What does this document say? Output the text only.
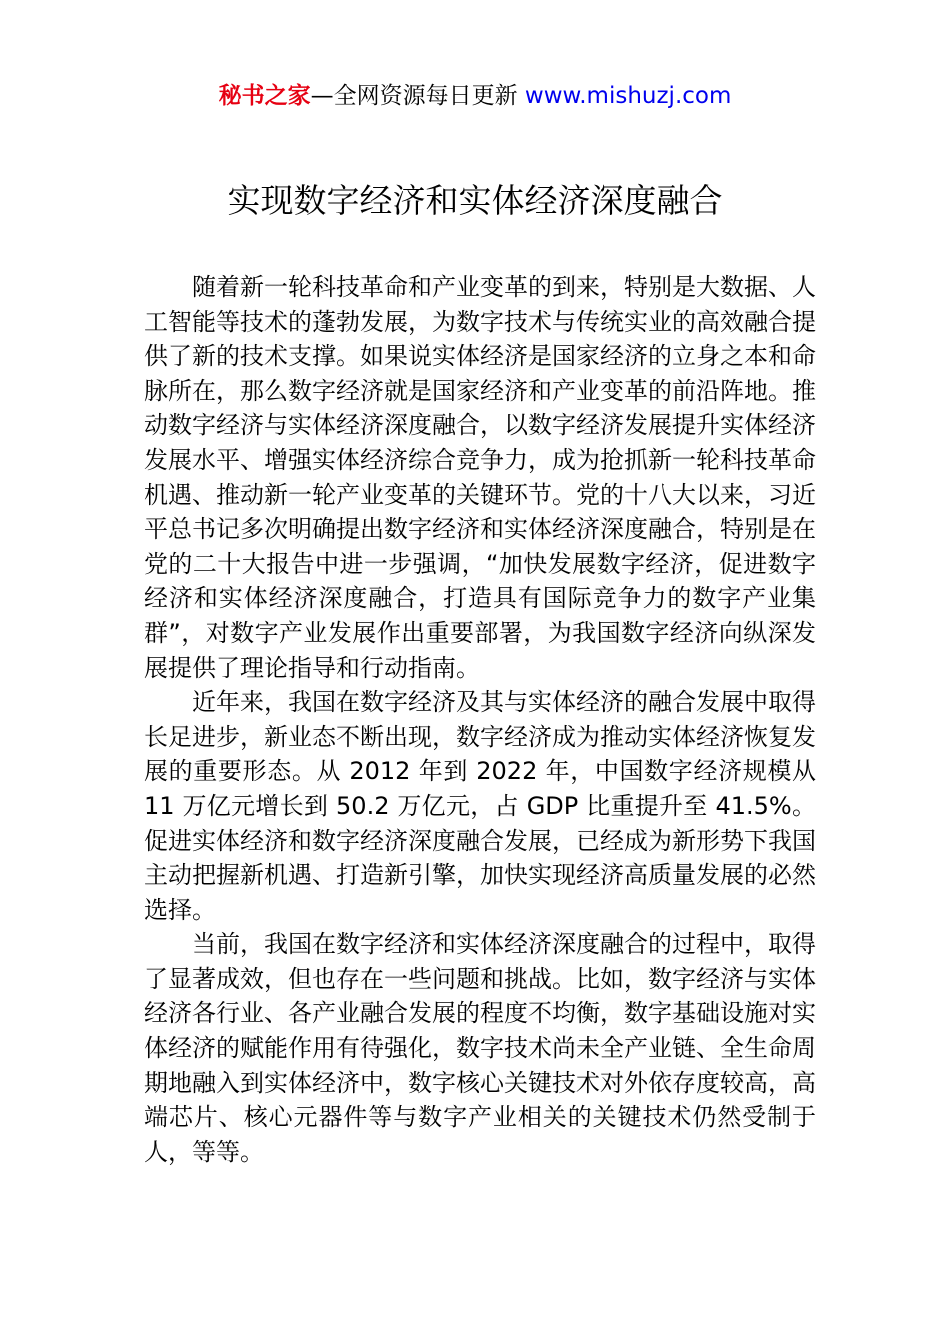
秘书之家—全网资源每日更新 www.mishuzj.com
实现数字经济和实体经济深度融合

随着新一轮科技革命和产业变革的到来，特别是大数据、人工智能等技术的蓬勃发展，为数字技术与传统实业的高效融合提供了新的技术支撑。如果说实体经济是国家经济的立身之本和命脉所在，那么数字经济就是国家经济和产业变革的前沿阵地。推动数字经济与实体经济深度融合，以数字经济发展提升实体经济发展水平、增强实体经济综合竞争力，成为抢抓新一轮科技革命机遇、推动新一轮产业变革的关键环节。党的十八大以来，习近平总书记多次明确提出数字经济和实体经济深度融合，特别是在党的二十大报告中进一步强调，“加快发展数字经济，促进数字经济和实体经济深度融合，打造具有国际竞争力的数字产业集群”，对数字产业发展作出重要部署，为我国数字经济向纵深发展提供了理论指导和行动指南。

近年来，我国在数字经济及其与实体经济的融合发展中取得长足进步，新业态不断出现，数字经济成为推动实体经济恢复发展的重要形态。从 2012 年到 2022 年，中国数字经济规模从 11 万亿元增长到 50.2 万亿元，占 GDP 比重提升至 41.5%。促进实体经济和数字经济深度融合发展，已经成为新形势下我国主动把握新机遇、打造新引擎，加快实现经济高质量发展的必然选择。

当前，我国在数字经济和实体经济深度融合的过程中，取得了显著成效，但也存在一些问题和挑战。比如，数字经济与实体经济各行业、各产业融合发展的程度不均衡，数字基础设施对实体经济的赋能作用有待强化，数字技术尚未全产业链、全生命周期地融入到实体经济中，数字核心关键技术对外依存度较高，高端芯片、核心元器件等与数字产业相关的关键技术仍然受制于人，等等。
